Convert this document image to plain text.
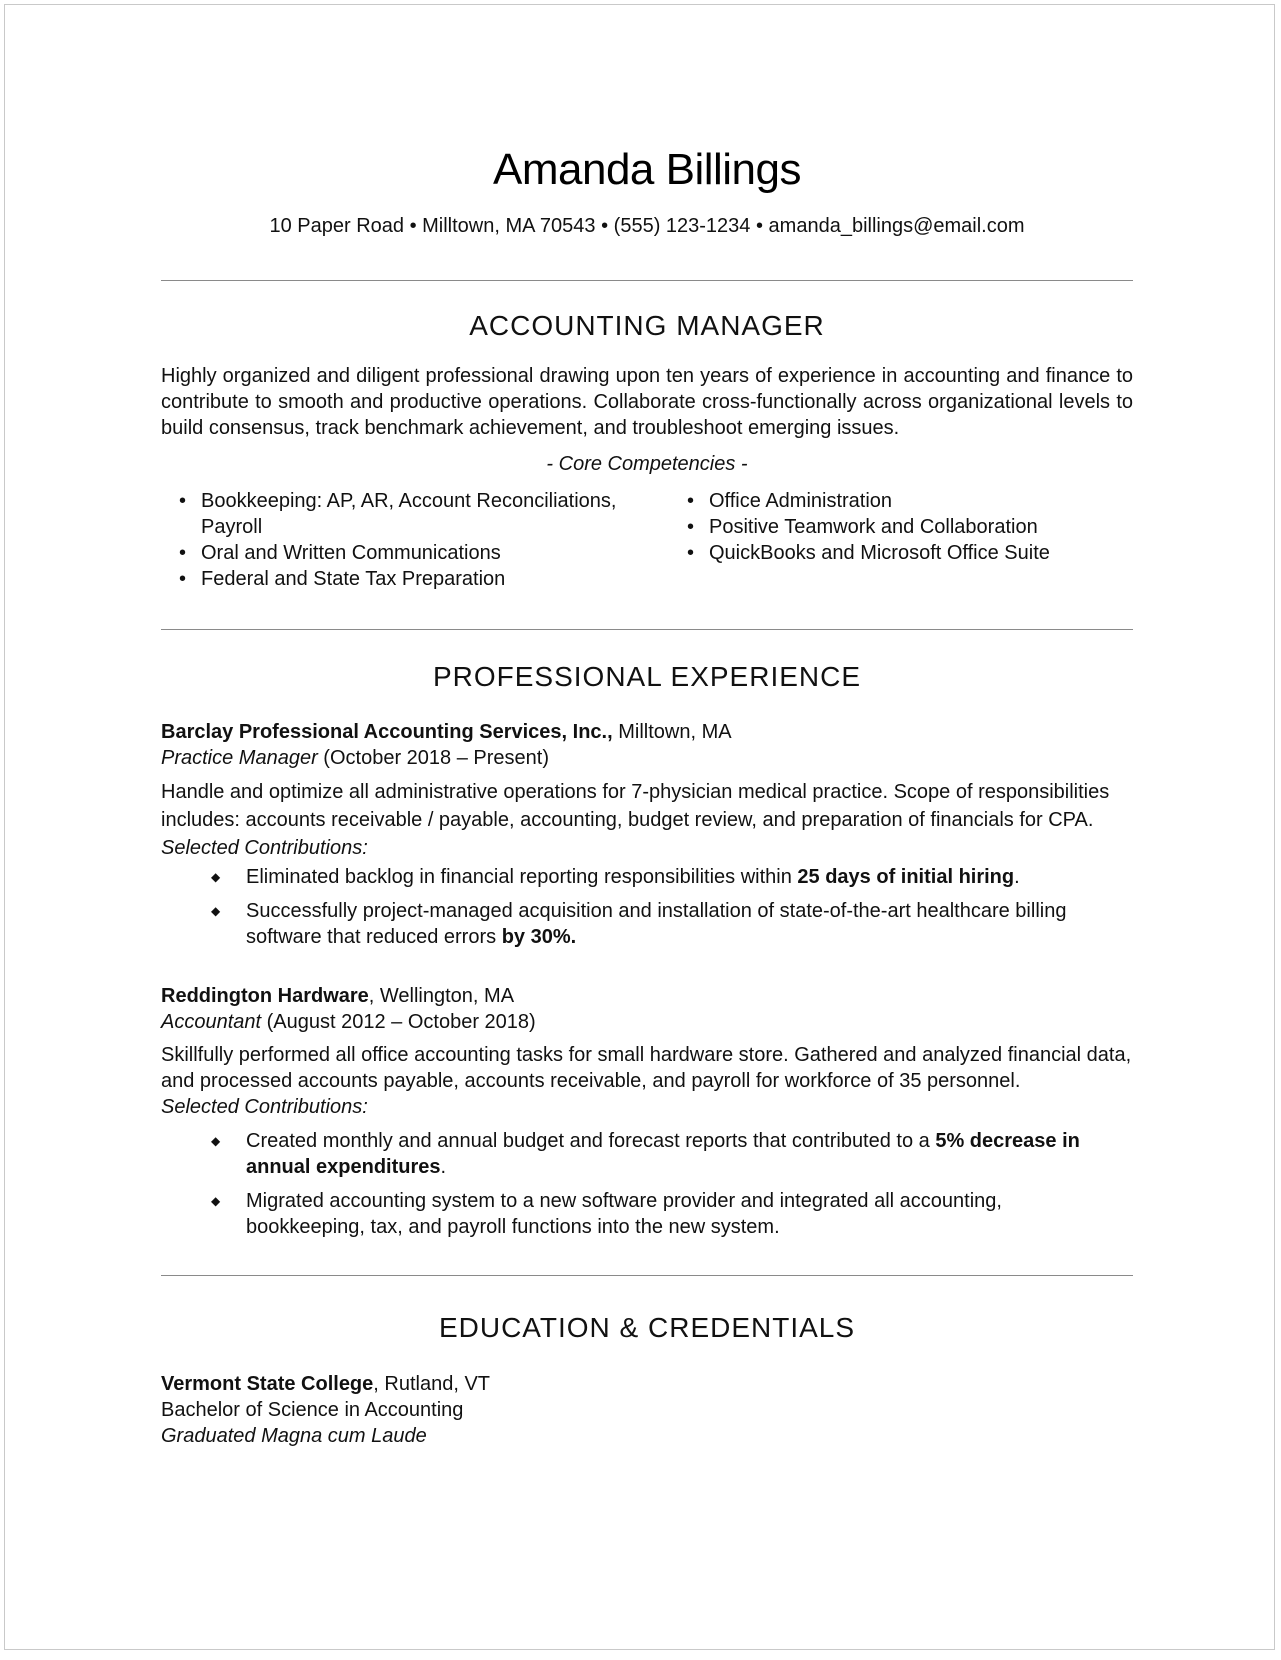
Amanda Billings
10 Paper Road • Milltown, MA 70543 • (555) 123-1234 • amanda_billings@email.com
ACCOUNTING MANAGER
Highly organized and diligent professional drawing upon ten years of experience in accounting and finance to contribute to smooth and productive operations. Collaborate cross-functionally across organizational levels to build consensus, track benchmark achievement, and troubleshoot emerging issues.
- Core Competencies -
• Bookkeeping: AP, AR, Account Reconciliations, Payroll
• Oral and Written Communications
• Federal and State Tax Preparation
• Office Administration
• Positive Teamwork and Collaboration
• QuickBooks and Microsoft Office Suite
PROFESSIONAL EXPERIENCE
Barclay Professional Accounting Services, Inc., Milltown, MA
Practice Manager (October 2018 – Present)
Handle and optimize all administrative operations for 7-physician medical practice. Scope of responsibilities includes: accounts receivable / payable, accounting, budget review, and preparation of financials for CPA. Selected Contributions:
◆ Eliminated backlog in financial reporting responsibilities within 25 days of initial hiring.
◆ Successfully project-managed acquisition and installation of state-of-the-art healthcare billing software that reduced errors by 30%.
Reddington Hardware, Wellington, MA
Accountant (August 2012 – October 2018)
Skillfully performed all office accounting tasks for small hardware store. Gathered and analyzed financial data, and processed accounts payable, accounts receivable, and payroll for workforce of 35 personnel.
Selected Contributions:
◆ Created monthly and annual budget and forecast reports that contributed to a 5% decrease in annual expenditures.
◆ Migrated accounting system to a new software provider and integrated all accounting, bookkeeping, tax, and payroll functions into the new system.
EDUCATION & CREDENTIALS
Vermont State College, Rutland, VT
Bachelor of Science in Accounting
Graduated Magna cum Laude
